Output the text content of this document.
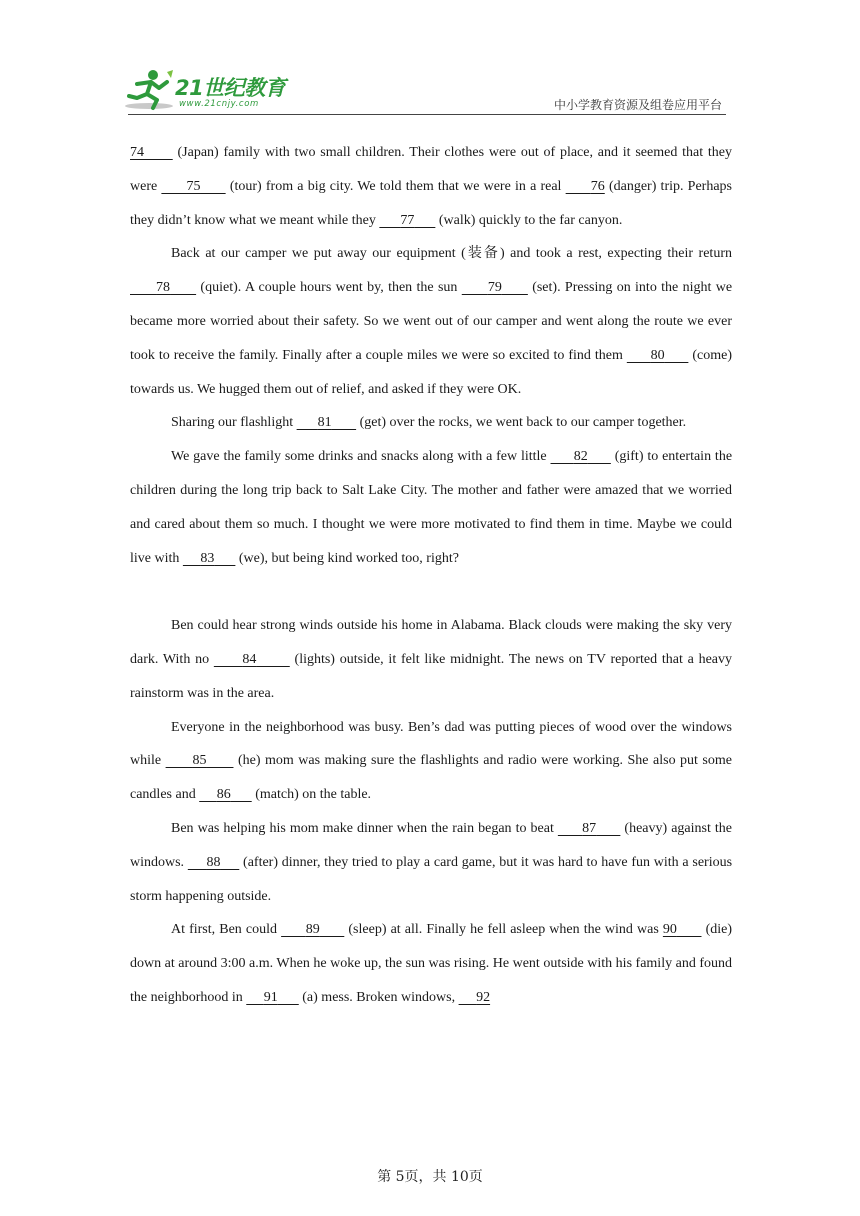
21世纪教育
www.21cnjy.com	中小学教育资源及组卷应用平台

74       (Japan) family with two small children. Their clothes were out of place, and it seemed that they were       75       (tour) from a big city. We told them that we were in a real       76 (danger) trip. Perhaps they didn’t know what we meant while they       77       (walk) quickly to the far canyon.

Back at our camper we put away our equipment (装备) and took a rest, expecting their return       78       (quiet). A couple hours went by, then the sun       79       (set). Pressing on into the night we became more worried about their safety. So we went out of our camper and went along the route we ever took to receive the family. Finally after a couple miles we were so excited to find them       80       (come) towards us. We hugged them out of relief, and asked if they were OK.

Sharing our flashlight       81        (get) over the rocks, we went back to our camper together.

We gave the family some drinks and snacks along with a few little       82       (gift) to entertain the children during the long trip back to Salt Lake City. The mother and father were amazed that we worried and cared about them so much. I thought we were more motivated to find them in time. Maybe we could live with      83       (we), but being kind worked too, right?

Ben could hear strong winds outside his home in Alabama. Black clouds were making the sky very dark. With no       84        (lights) outside, it felt like midnight. The news on TV reported that a heavy rainstorm was in the area.

Everyone in the neighborhood was busy. Ben’s dad was putting pieces of wood over the windows while       85       (he) mom was making sure the flashlights and radio were working. She also put some candles and      86       (match) on the table.

Ben was helping his mom make dinner when the rain began to beat       87       (heavy) against the windows.      88      (after) dinner, they tried to play a card game, but it was hard to have fun with a serious storm happening outside.

At first, Ben could       89       (sleep) at all. Finally he fell asleep when the wind was 90       (die) down at around 3:00 a.m. When he woke up, the sun was rising. He went outside with his family and found the neighborhood in      91       (a) mess. Broken windows,      92

第 5页，共 10页
